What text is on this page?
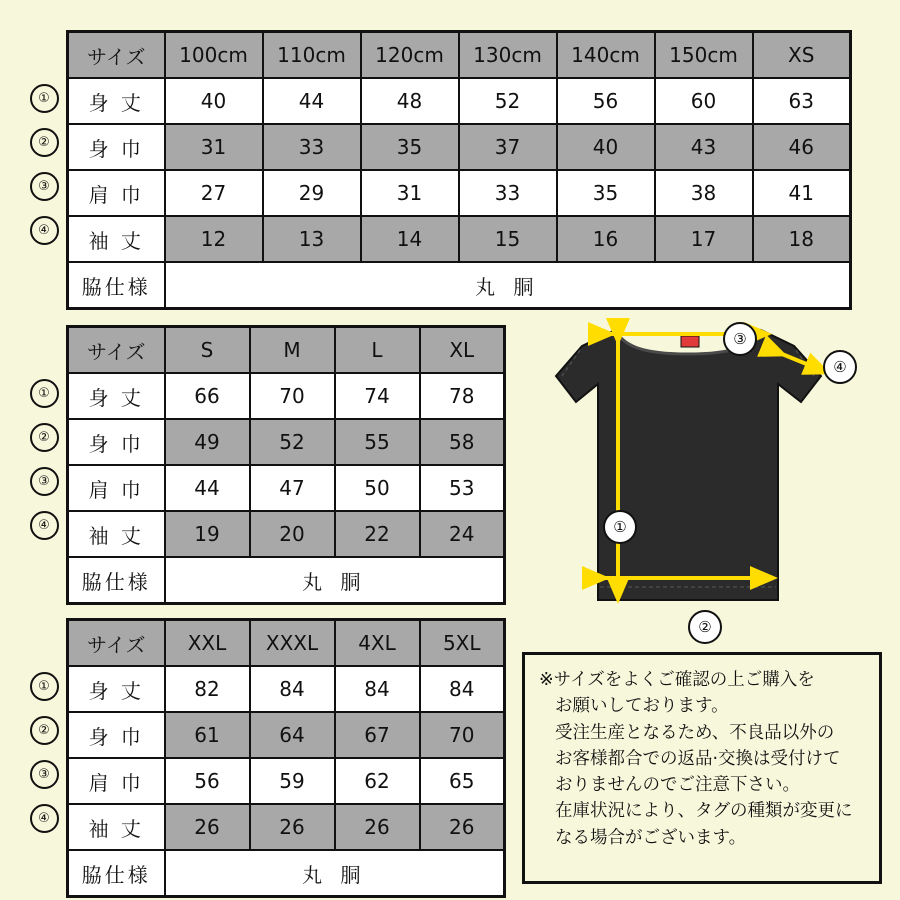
①
②
③
④
サイズ	100cm	110cm	120cm	130cm	140cm	150cm	XS
身 丈	40	44	48	52	56	60	63
身 巾	31	33	35	37	40	43	46
肩 巾	27	29	31	33	35	38	41
袖 丈	12	13	14	15	16	17	18
脇仕様	丸 胴						
①
②
③
④
サイズ	S	M	L	XL
身 丈	66	70	74	78
身 巾	49	52	55	58
肩 巾	44	47	50	53
袖 丈	19	20	22	24
脇仕様	丸 胴			
①
②
③
④
サイズ	XXL	XXXL	4XL	5XL
身 丈	82	84	84	84
身 巾	61	64	67	70
肩 巾	56	59	62	65
袖 丈	26	26	26	26
脇仕様	丸 胴			
③
④
①
②
※サイズをよくご確認の上ご購入を
お願いしております。
受注生産となるため、不良品以外の
お客様都合での返品·交換は受付けて
おりませんのでご注意下さい。
在庫状況により、タグの種類が変更に
なる場合がございます。
